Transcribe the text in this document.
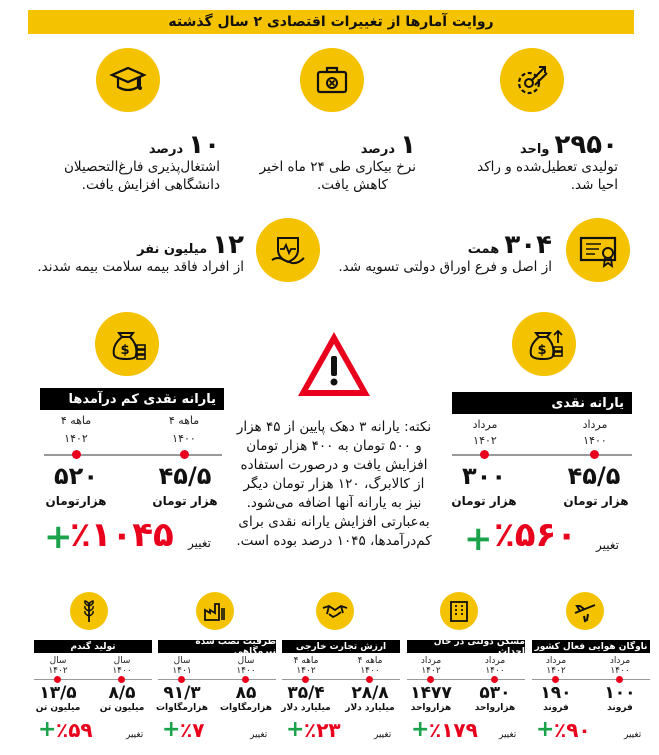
روایت آمارها از تغییرات اقتصادی ۲ سال گذشته
۱۰ درصد
اشتغال‌پذیری فارغ‌التحصیلان
دانشگاهی افزایش یافت.
۱ درصد
نرخ بیکاری طی ۲۴ ماه اخیر
کاهش یافت.
۲۹۵۰ واحد
تولیدی تعطیل‌شده و راکد
احیا شد.
۱۲ میلیون نفر
از افراد فاقد بیمه سلامت بیمه شدند.
۳۰۴ همت
از اصل و فرع اوراق دولتی تسویه شد.
$	$
یارانه نقدی کم درآمدها
۴ ماهه
۱۴۰۲
۴ ماهه
۱۴۰۰
۵۲۰
هزارتومان
۴۵/۵
هزار تومان
تغییر
٪۱۰۴۵
+
نکته: یارانه ۳ دهک پایین از ۴۵ هزار
و ۵۰۰ تومان به ۴۰۰ هزار تومان
افزایش یافت و درصورت استفاده
از کالابرگ، ۱۲۰ هزار تومان دیگر
نیز به یارانه آنها اضافه می‌شود.
به‌عبارتی افزایش یارانه نقدی برای
کم‌درآمدها، ۱۰۴۵ درصد بوده است.
یارانه نقدی
مرداد
۱۴۰۲
مرداد
۱۴۰۰
۳۰۰
هزار تومان
۴۵/۵
هزار تومان
تغییر
٪۵۶۰
+
ناوگان هوایی فعال کشور
مرداد
۱۴۰۲
مرداد
۱۴۰۰
۱۹۰
فروند
۱۰۰
فروند
تغییر
٪۹۰
+
مسکن دولتی در حال احداث
مرداد
۱۴۰۲
مرداد
۱۴۰۰
۱۴۷۷
هزارواحد
۵۳۰
هزارواحد
تغییر
٪۱۷۹
+
ارزش تجارت خارجی
۴ ماهه
۱۴۰۲
۴ ماهه
۱۴۰۰
۳۵/۴
میلیارد دلار
۲۸/۸
میلیارد دلار
تغییر
٪۲۳
+
ظرفیت نصب شده نیروگاهی
سال
۱۴۰۱
سال
۱۴۰۰
۹۱/۳
هزارمگاوات
۸۵
هزارمگاوات
تغییر
٪۷
+
تولید گندم
سال
۱۴۰۲
سال
۱۴۰۰
۱۳/۵
میلیون تن
۸/۵
میلیون تن
تغییر
٪۵۹
+
